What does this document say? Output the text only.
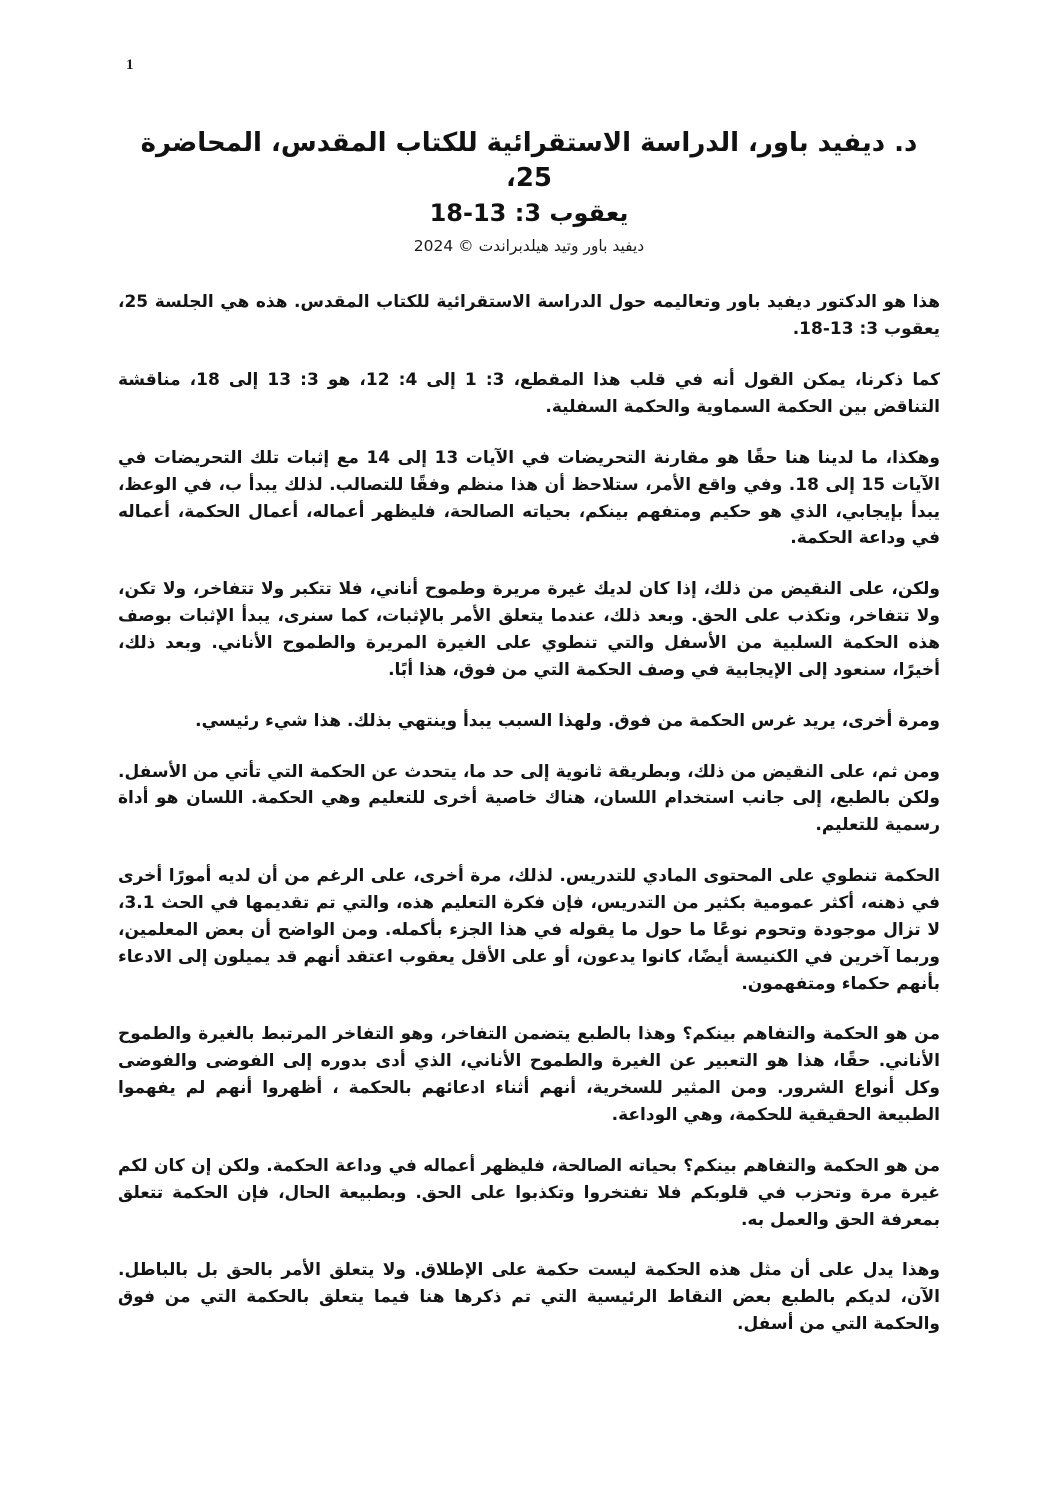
1
د. ديفيد باور، الدراسة الاستقرائية للكتاب المقدس، المحاضرة 25،
يعقوب 3: 13-18
ديفيد باور وتيد هيلدبراندت © 2024

هذا هو الدكتور ديفيد باور وتعاليمه حول الدراسة الاستقرائية للكتاب المقدس. هذه هي الجلسة 25، يعقوب 3: 13-18.

كما ذكرنا، يمكن القول أنه في قلب هذا المقطع، 3: 1 إلى 4: 12، هو 3: 13 إلى 18، مناقشة التناقض بين الحكمة السماوية والحكمة السفلية.

وهكذا، ما لدينا هنا حقًا هو مقارنة التحريضات في الآيات 13 إلى 14 مع إثبات تلك التحريضات في الآيات 15 إلى 18. وفي واقع الأمر، ستلاحظ أن هذا منظم وفقًا للتصالب. لذلك يبدأ ب، في الوعظ، يبدأ بإيجابي، الذي هو حكيم ومتفهم بينكم، بحياته الصالحة، فليظهر أعماله، أعمال الحكمة، أعماله في وداعة الحكمة.

ولكن، على النقيض من ذلك، إذا كان لديك غيرة مريرة وطموح أناني، فلا تتكبر ولا تتفاخر، ولا تكن، ولا تتفاخر، وتكذب على الحق. وبعد ذلك، عندما يتعلق الأمر بالإثبات، كما سنرى، يبدأ الإثبات بوصف هذه الحكمة السلبية من الأسفل والتي تنطوي على الغيرة المريرة والطموح الأناني. وبعد ذلك، أخيرًا، سنعود إلى الإيجابية في وصف الحكمة التي من فوق، هذا أبًا.

ومرة أخرى، يريد غرس الحكمة من فوق. ولهذا السبب يبدأ وينتهي بذلك. هذا شيء رئيسي.

ومن ثم، على النقيض من ذلك، وبطريقة ثانوية إلى حد ما، يتحدث عن الحكمة التي تأتي من الأسفل. ولكن بالطبع، إلى جانب استخدام اللسان، هناك خاصية أخرى للتعليم وهي الحكمة. اللسان هو أداة رسمية للتعليم.

الحكمة تنطوي على المحتوى المادي للتدريس. لذلك، مرة أخرى، على الرغم من أن لديه أمورًا أخرى في ذهنه، أكثر عمومية بكثير من التدريس، فإن فكرة التعليم هذه، والتي تم تقديمها في الحث 3.1، لا تزال موجودة وتحوم نوعًا ما حول ما يقوله في هذا الجزء بأكمله. ومن الواضح أن بعض المعلمين، وربما آخرين في الكنيسة أيضًا، كانوا يدعون، أو على الأقل يعقوب اعتقد أنهم قد يميلون إلى الادعاء بأنهم حكماء ومتفهمون.

من هو الحكمة والتفاهم بينكم؟ وهذا بالطبع يتضمن التفاخر، وهو التفاخر المرتبط بالغيرة والطموح الأناني. حقًا، هذا هو التعبير عن الغيرة والطموح الأناني، الذي أدى بدوره إلى الفوضى والفوضى وكل أنواع الشرور. ومن المثير للسخرية، أنهم أثناء ادعائهم بالحكمة ، أظهروا أنهم لم يفهموا الطبيعة الحقيقية للحكمة، وهي الوداعة.

من هو الحكمة والتفاهم بينكم؟ بحياته الصالحة، فليظهر أعماله في وداعة الحكمة. ولكن إن كان لكم غيرة مرة وتحزب في قلوبكم فلا تفتخروا وتكذبوا على الحق. وبطبيعة الحال، فإن الحكمة تتعلق بمعرفة الحق والعمل به.

وهذا يدل على أن مثل هذه الحكمة ليست حكمة على الإطلاق. ولا يتعلق الأمر بالحق بل بالباطل. الآن، لديكم بالطبع بعض النقاط الرئيسية التي تم ذكرها هنا فيما يتعلق بالحكمة التي من فوق والحكمة التي من أسفل.
